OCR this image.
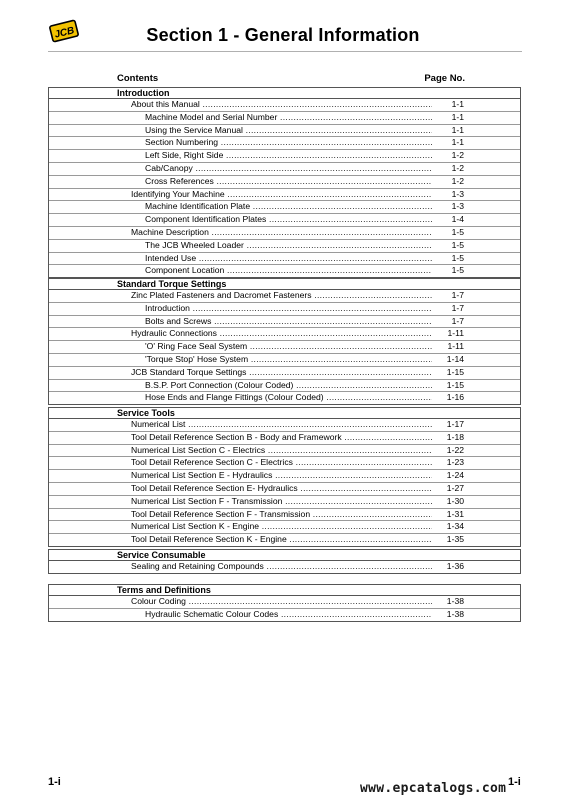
JCB	Section 1 - General Information
Contents	Page No.
Introduction
About this Manual .....	1-1
Machine Model and Serial Number .....	1-1
Using the Service Manual .....	1-1
Section Numbering .....	1-1
Left Side, Right Side .....	1-2
Cab/Canopy .....	1-2
Cross References .....	1-2
Identifying Your Machine .....	1-3
Machine Identification Plate .....	1-3
Component Identification Plates .....	1-4
Machine Description .....	1-5
The JCB Wheeled Loader .....	1-5
Intended Use .....	1-5
Component Location .....	1-5
Standard Torque Settings
Zinc Plated Fasteners and Dacromet Fasteners .....	1-7
Introduction .....	1-7
Bolts and Screws .....	1-7
Hydraulic Connections .....	1-11
'O' Ring Face Seal System .....	1-11
'Torque Stop' Hose System .....	1-14
JCB Standard Torque Settings .....	1-15
B.S.P. Port Connection (Colour Coded) .....	1-15
Hose Ends and Flange Fittings (Colour Coded) .....	1-16
Service Tools
Numerical List .....	1-17
Tool Detail Reference Section B - Body and Framework .....	1-18
Numerical List Section C - Electrics .....	1-22
Tool Detail Reference Section C - Electrics .....	1-23
Numerical List Section E - Hydraulics .....	1-24
Tool Detail Reference Section E- Hydraulics .....	1-27
Numerical List Section F - Transmission .....	1-30
Tool Detail Reference Section F - Transmission .....	1-31
Numerical List Section K - Engine .....	1-34
Tool Detail Reference Section K - Engine .....	1-35
Service Consumable
Sealing and Retaining Compounds .....	1-36
Terms and Definitions
Colour Coding .....	1-38
Hydraulic Schematic Colour Codes .....	1-38
1-i	1-i
www.epcatalogs.com
